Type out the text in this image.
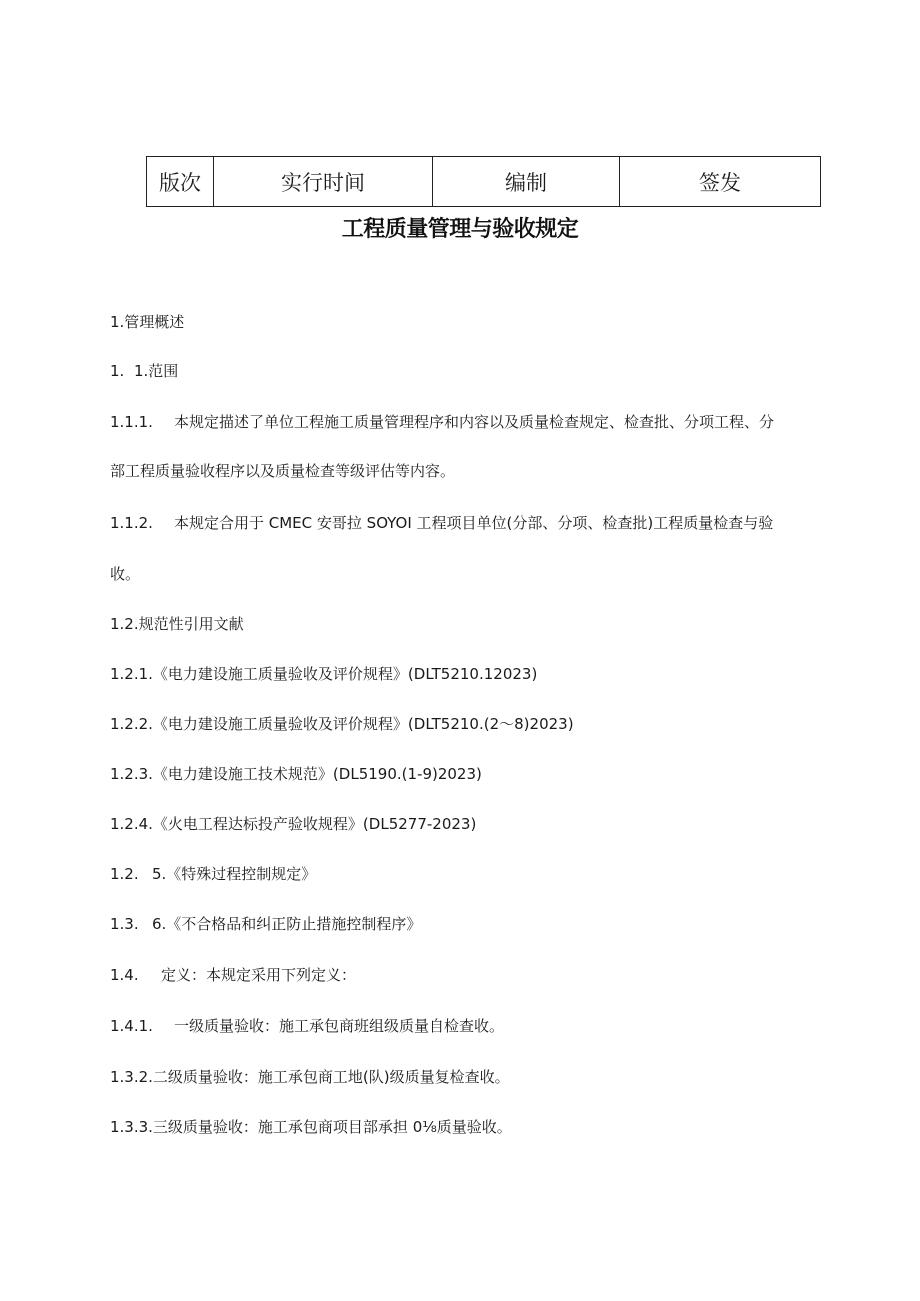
版次	实行时间	编制	签发
工程质量管理与验收规定
1.管理概述
1. 1.范围
1.1.1. 本规定描述了单位工程施工质量管理程序和内容以及质量检查规定、检查批、分项工程、分
部工程质量验收程序以及质量检查等级评估等内容。
1.1.2. 本规定合用于 CMEC 安哥拉 SOYOI 工程项目单位(分部、分项、检查批)工程质量检查与验
收。
1.2.规范性引用文献
1.2.1.《电力建设施工质量验收及评价规程》(DLT5210.12023)
1.2.2.《电力建设施工质量验收及评价规程》(DLT5210.(2～8)2023)
1.2.3.《电力建设施工技术规范》(DL5190.(1-9)2023)
1.2.4.《火电工程达标投产验收规程》(DL5277-2023)
1.2. 5.《特殊过程控制规定》
1.3. 6.《不合格品和纠正防止措施控制程序》
1.4. 定义：本规定采用下列定义：
1.4.1. 一级质量验收：施工承包商班组级质量自检查收。
1.3.2.二级质量验收：施工承包商工地(队)级质量复检查收。
1.3.3.三级质量验收：施工承包商项目部承担 0⅛质量验收。
